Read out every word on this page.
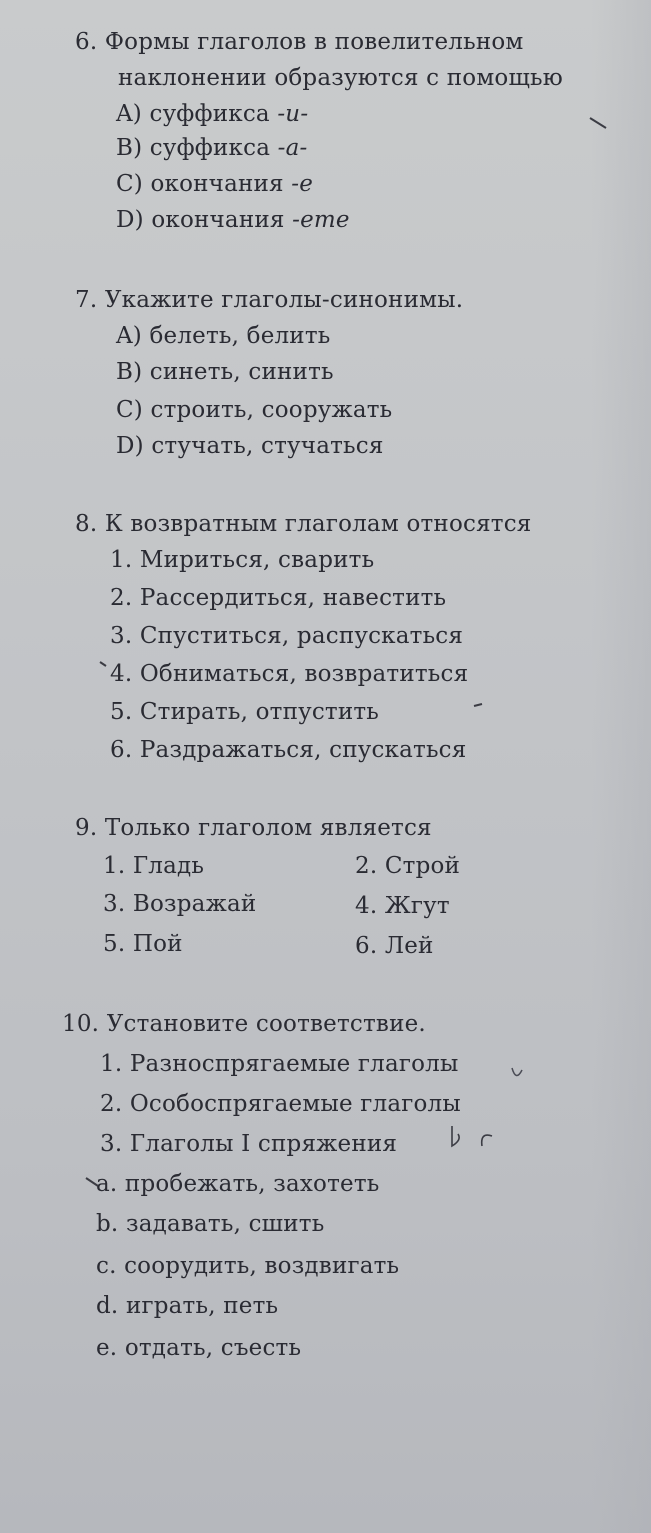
6. Формы глаголов в повелительном
наклонении образуются с помощью
A) суффикса -и-
B) суффикса -а-
C) окончания -е
D) окончания -ете
7. Укажите глаголы-синонимы.
A) белеть, белить
B) синеть, синить
C) строить, сооружать
D) стучать, стучаться
8. К возвратным глаголам относятся
1. Мириться, сварить
2. Рассердиться, навестить
3. Спуститься, распускаться
4. Обниматься, возвратиться
5. Стирать, отпустить
6. Раздражаться, спускаться
9. Только глаголом является
1. Гладь	2. Строй
3. Возражай	4. Жгут
5. Пой	6. Лей
10. Установите соответствие.
1. Разноспрягаемые глаголы
2. Особоспрягаемые глаголы
3. Глаголы I спряжения
a. пробежать, захотеть
b. задавать, сшить
c. соорудить, воздвигать
d. играть, петь
e. отдать, съесть
